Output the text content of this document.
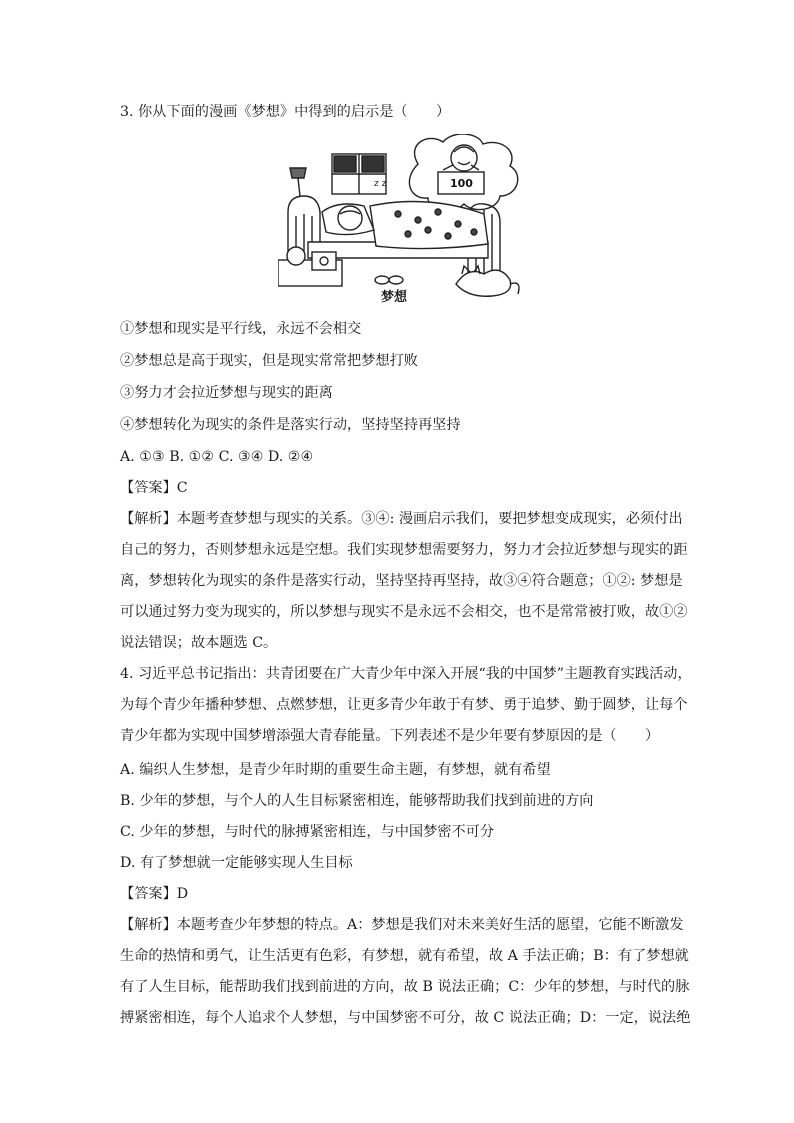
3. 你从下面的漫画《梦想》中得到的启示是（　　）
z z	100
梦想
①梦想和现实是平行线，永远不会相交
②梦想总是高于现实，但是现实常常把梦想打败
③努力才会拉近梦想与现实的距离
④梦想转化为现实的条件是落实行动，坚持坚持再坚持
A. ①③ B. ①② C. ③④ D. ②④
【答案】C

【解析】本题考查梦想与现实的关系。③④: 漫画启示我们，要把梦想变成现实，必须付出

自己的努力，否则梦想永远是空想。我们实现梦想需要努力，努力才会拉近梦想与现实的距

离，梦想转化为现实的条件是落实行动，坚持坚持再坚持，故③④符合题意；①②: 梦想是

可以通过努力变为现实的，所以梦想与现实不是永远不会相交，也不是常常被打败，故①②

说法错误；故本题选 C。

4. 习近平总书记指出：共青团要在广大青少年中深入开展“我的中国梦”主题教育实践活动，

为每个青少年播种梦想、点燃梦想，让更多青少年敢于有梦、勇于追梦、勤于圆梦，让每个

青少年都为实现中国梦增添强大青春能量。下列表述不是少年要有梦原因的是（　　）

A. 编织人生梦想，是青少年时期的重要生命主题，有梦想，就有希望
B. 少年的梦想，与个人的人生目标紧密相连，能够帮助我们找到前进的方向
C. 少年的梦想，与时代的脉搏紧密相连，与中国梦密不可分
D. 有了梦想就一定能够实现人生目标
【答案】D

【解析】本题考查少年梦想的特点。A：梦想是我们对未来美好生活的愿望，它能不断激发

生命的热情和勇气，让生活更有色彩，有梦想，就有希望，故 A 手法正确；B：有了梦想就

有了人生目标，能帮助我们找到前进的方向，故 B 说法正确；C：少年的梦想，与时代的脉

搏紧密相连，每个人追求个人梦想，与中国梦密不可分，故 C 说法正确；D：一定，说法绝
